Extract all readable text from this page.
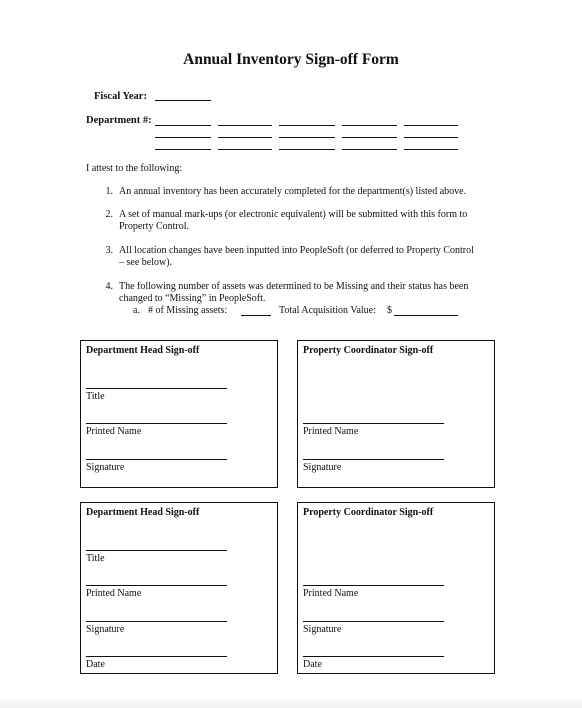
Annual Inventory Sign-off Form
Fiscal Year:
Department #:
I attest to the following:
1. An annual inventory has been accurately completed for the department(s) listed above.
2. A set of manual mark-ups (or electronic equivalent) will be submitted with this form to
Property Control.
3. All location changes have been inputted into PeopleSoft (or deferred to Property Control
– see below).
4. The following number of assets was determined to be Missing and their status has been
changed to “Missing” in PeopleSoft.
a. # of Missing assets:	Total Acquisition Value: $
Department Head Sign-off
Title
Printed Name
Signature
Property Coordinator Sign-off
Printed Name
Signature
Department Head Sign-off
Title
Printed Name
Signature
Date
Property Coordinator Sign-off
Printed Name
Signature
Date
